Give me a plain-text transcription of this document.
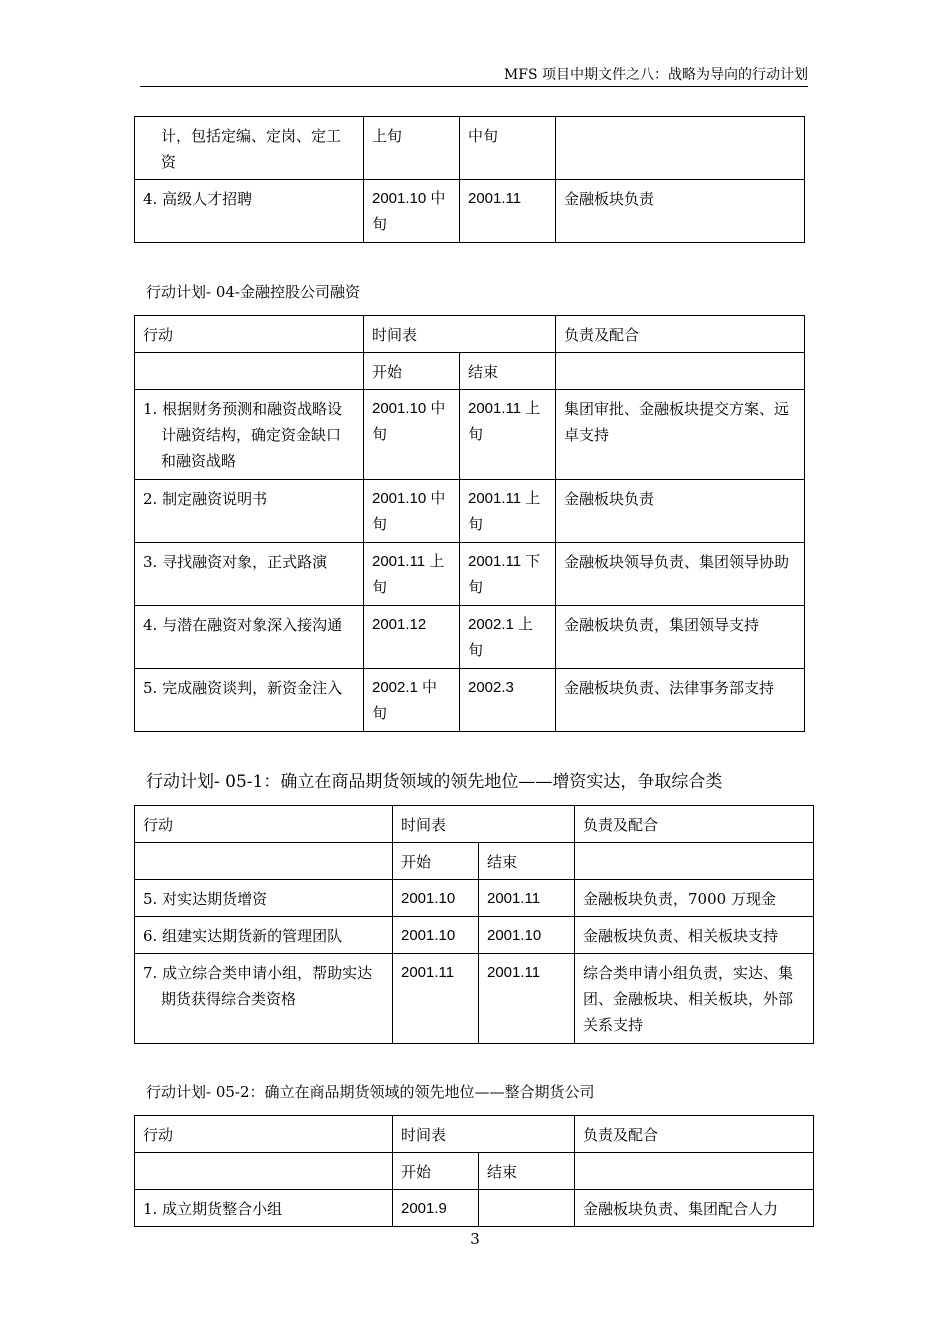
MFS 项目中期文件之八：战略为导向的行动计划
计，包括定编、定岗、定工资	上旬	中旬	
4. 高级人才招聘	2001.10 中旬	2001.11	金融板块负责
行动计划- 04-金融控股公司融资
行动	时间表		负责及配合
	开始	结束	
1. 根据财务预测和融资战略设计融资结构，确定资金缺口和融资战略	2001.10 中旬	2001.11 上旬	集团审批、金融板块提交方案、远卓支持
2. 制定融资说明书	2001.10 中旬	2001.11 上旬	金融板块负责
3. 寻找融资对象，正式路演	2001.11 上旬	2001.11 下旬	金融板块领导负责、集团领导协助
4. 与潜在融资对象深入接沟通	2001.12	2002.1 上旬	金融板块负责，集团领导支持
5. 完成融资谈判，新资金注入	2002.1 中旬	2002.3	金融板块负责、法律事务部支持
行动计划- 05-1：确立在商品期货领域的领先地位——增资实达，争取综合类
行动	时间表		负责及配合
	开始	结束	
5. 对实达期货增资	2001.10	2001.11	金融板块负责，7000 万现金
6. 组建实达期货新的管理团队	2001.10	2001.10	金融板块负责、相关板块支持
7. 成立综合类申请小组，帮助实达期货获得综合类资格	2001.11	2001.11	综合类申请小组负责，实达、集团、金融板块、相关板块，外部关系支持
行动计划- 05-2：确立在商品期货领域的领先地位——整合期货公司
行动	时间表		负责及配合
	开始	结束	
1. 成立期货整合小组	2001.9		金融板块负责、集团配合人力
3
